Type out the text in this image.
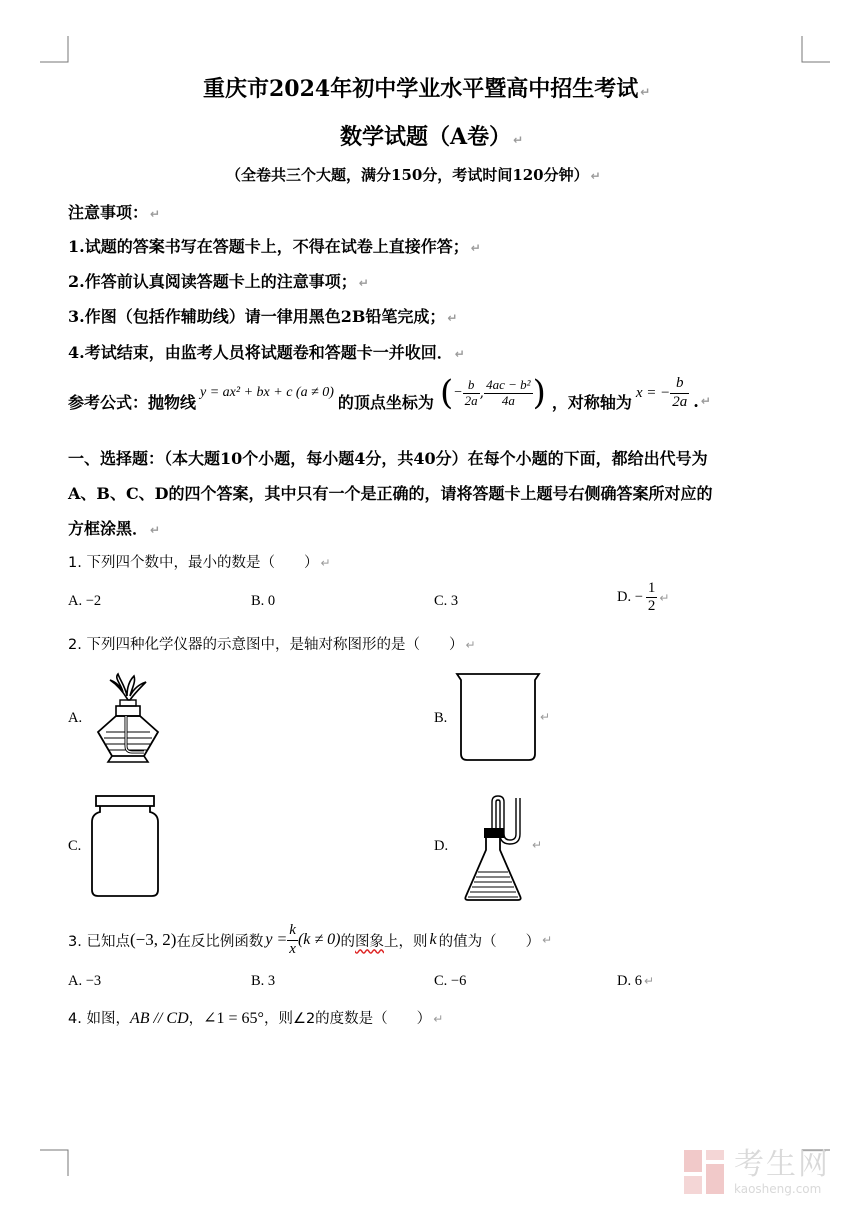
重庆市2024年初中学业水平暨高中招生考试 ↵
数学试题（A卷） ↵
（全卷共三个大题，满分150分，考试时间120分钟） ↵
注意事项： ↵
1.试题的答案书写在答题卡上，不得在试卷上直接作答； ↵
2.作答前认真阅读答题卡上的注意事项； ↵
3.作图（包括作辅助线）请一律用黑色2B铅笔完成； ↵
4.考试结束，由监考人员将试题卷和答题卡一并收回． ↵
参考公式：抛物线 y = ax² + bx + c (a ≠ 0) 的顶点坐标为 ( − $\frac{b}{2a}$ , $\frac{\text{4ac − b²}}{4a}$ ) ，对称轴为 x = − $\frac{b}{2a}$ . ↵
一、选择题：（本大题10个小题，每小题4分，共40分）在每个小题的下面，都给出代号为
A、B、C、D的四个答案，其中只有一个是正确的，请将答题卡上题号右侧确答案所对应的
方框涂黑． ↵
1. 下列四个数中，最小的数是（　　） ↵
A. −2	B. 0	C. 3	D. − $\frac{1}{2}$ ↵
2. 下列四种化学仪器的示意图中，是轴对称图形的是（　　） ↵
A.	B.	↵
C.	D.	↵
3. 已知点 (−3, 2) 在反比例函数 $y = \frac{k}{x} (k \ne 0)$ 的 图象 上，则 k 的值为（　　） ↵
A. −3	B. 3	C. −6	D. 6 ↵
4. 如图，AB // CD，∠1 = 65°，则∠2的度数是（　　） ↵
考生网
kaosheng.com
